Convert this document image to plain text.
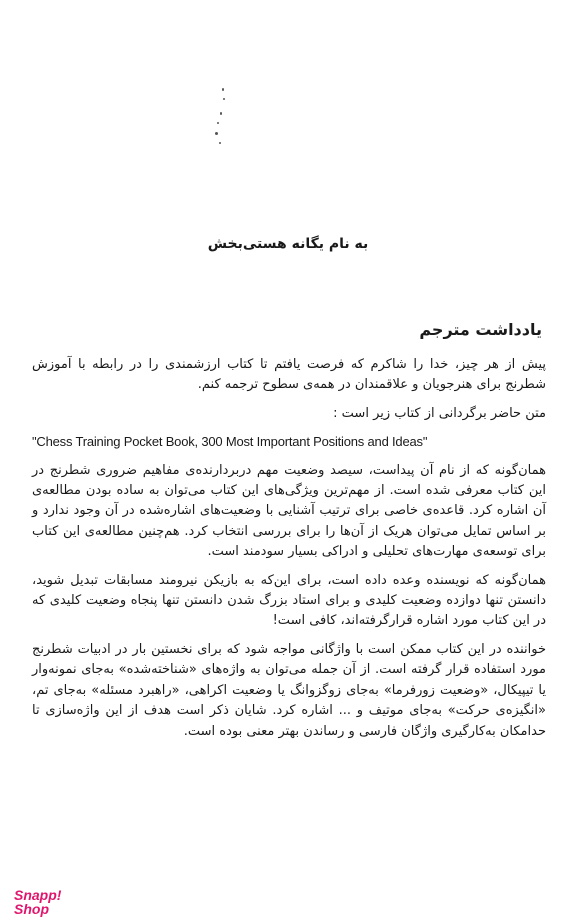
به نام یگانه هستی‌بخش
یادداشت مترجم

پیش از هر چیز، خدا را شاکرم که فرصت یافتم تا کتاب ارزشمندی را در رابطه با آموزش شطرنج برای هنرجویان و علاقمندان در همه‌ی سطوح ترجمه کنم.

متن حاضر برگردانی از کتاب زیر است :

"Chess Training Pocket Book, 300 Most Important Positions and Ideas"

همان‌گونه که از نام آن پیداست، سیصد وضعیت مهم دربردارنده‌ی مفاهیم ضروری شطرنج در این کتاب معرفی شده است. از مهم‌ترین ویژگی‌های این کتاب می‌توان به ساده بودن مطالعه‌ی آن اشاره کرد. قاعده‌ی خاصی برای ترتیب آشنایی با وضعیت‌های اشاره‌شده در آن وجود ندارد و بر اساس تمایل می‌توان هریک از آن‌ها را برای بررسی انتخاب کرد. هم‌چنین مطالعه‌ی این کتاب برای توسعه‌ی مهارت‌های تحلیلی و ادراکی بسیار سودمند است.

همان‌گونه که نویسنده وعده داده است، برای این‌که به بازیکن نیرومند مسابقات تبدیل شوید، دانستن تنها دوازده وضعیت کلیدی و برای استاد بزرگ شدن دانستن تنها پنجاه وضعیت کلیدی که در این کتاب مورد اشاره قرارگرفته‌اند، کافی است!

خواننده در این کتاب ممکن است با واژگانی مواجه شود که برای نخستین بار در ادبیات شطرنج مورد استفاده قرار گرفته است. از آن جمله می‌توان به واژه‌های «شناخته‌شده» به‌جای نمونه‌وار یا تیپیکال، «وضعیت زورفرما» به‌جای زوگزوانگ یا وضعیت اکراهی، «راهبرد مسئله» به‌جای تم، «انگیزه‌ی حرکت» به‌جای موتیف و ... اشاره کرد. شایان ذکر است هدف از این واژه‌سازی تا حدامکان به‌کارگیری واژگان فارسی و رساندن بهتر معنی بوده است.

Snapp!
Shop
